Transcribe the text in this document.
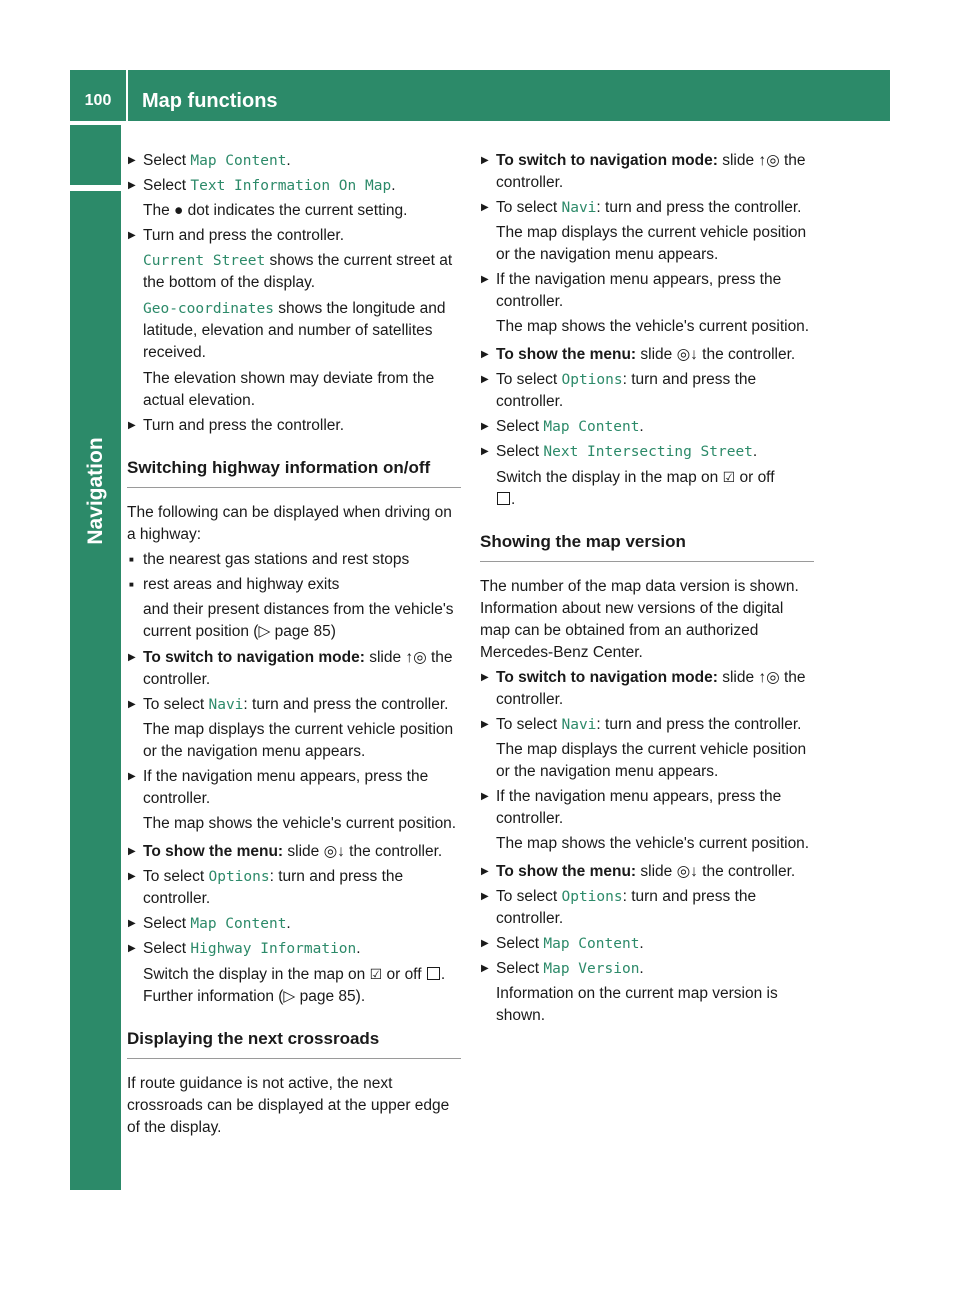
100	Map functions
Navigation
▶ Select Map Content.
▶ Select Text Information On Map.
The ● dot indicates the current setting.
▶ Turn and press the controller.
Current Street shows the current street at the bottom of the display.
Geo-coordinates shows the longitude and latitude, elevation and number of satellites received.
The elevation shown may deviate from the actual elevation.
▶ Turn and press the controller.
Switching highway information on/off
The following can be displayed when driving on a highway:
■ the nearest gas stations and rest stops
■ rest areas and highway exits
and their present distances from the vehicle's current position (▷ page 85)
▶ To switch to navigation mode: slide ↑◎ the controller.
▶ To select Navi: turn and press the controller.
The map displays the current vehicle position or the navigation menu appears.
▶ If the navigation menu appears, press the controller.
The map shows the vehicle's current position.
▶ To show the menu: slide ◎↓ the controller.
▶ To select Options: turn and press the controller.
▶ Select Map Content.
▶ Select Highway Information.
Switch the display in the map on ☑ or off . Further information (▷ page 85).
Displaying the next crossroads
If route guidance is not active, the next crossroads can be displayed at the upper edge of the display.
▶ To switch to navigation mode: slide ↑◎ the controller.
▶ To select Navi: turn and press the controller.
The map displays the current vehicle position or the navigation menu appears.
▶ If the navigation menu appears, press the controller.
The map shows the vehicle's current position.
▶ To show the menu: slide ◎↓ the controller.
▶ To select Options: turn and press the controller.
▶ Select Map Content.
▶ Select Next Intersecting Street.
Switch the display in the map on ☑ or off
.
Showing the map version
The number of the map data version is shown. Information about new versions of the digital map can be obtained from an authorized Mercedes-Benz Center.
▶ To switch to navigation mode: slide ↑◎ the controller.
▶ To select Navi: turn and press the controller.
The map displays the current vehicle position or the navigation menu appears.
▶ If the navigation menu appears, press the controller.
The map shows the vehicle's current position.
▶ To show the menu: slide ◎↓ the controller.
▶ To select Options: turn and press the controller.
▶ Select Map Content.
▶ Select Map Version.
Information on the current map version is shown.
